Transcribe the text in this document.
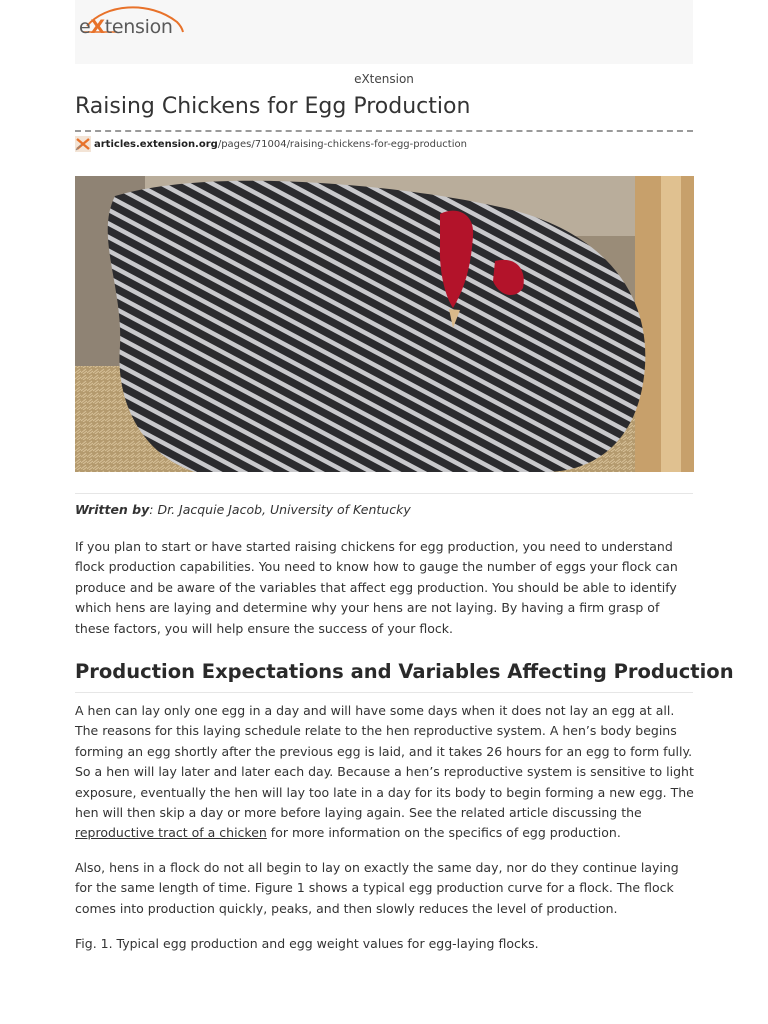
eXtension
eXtension
Raising Chickens for Egg Production
articles.extension.org /pages/71004/raising-chickens-for-egg-production

Written by: Dr. Jacquie Jacob, University of Kentucky

If you plan to start or have started raising chickens for egg production, you need to understand flock production capabilities. You need to know how to gauge the number of eggs your flock can produce and be aware of the variables that affect egg production. You should be able to identify which hens are laying and determine why your hens are not laying. By having a firm grasp of these factors, you will help ensure the success of your flock.

Production Expectations and Variables Affecting Production

A hen can lay only one egg in a day and will have some days when it does not lay an egg at all. The reasons for this laying schedule relate to the hen reproductive system. A hen’s body begins forming an egg shortly after the previous egg is laid, and it takes 26 hours for an egg to form fully. So a hen will lay later and later each day. Because a hen’s reproductive system is sensitive to light exposure, eventually the hen will lay too late in a day for its body to begin forming a new egg. The hen will then skip a day or more before laying again. See the related article discussing the reproductive tract of a chicken for more information on the specifics of egg production.

Also, hens in a flock do not all begin to lay on exactly the same day, nor do they continue laying for the same length of time. Figure 1 shows a typical egg production curve for a flock. The flock comes into production quickly, peaks, and then slowly reduces the level of production.

Fig. 1. Typical egg production and egg weight values for egg-laying flocks.
